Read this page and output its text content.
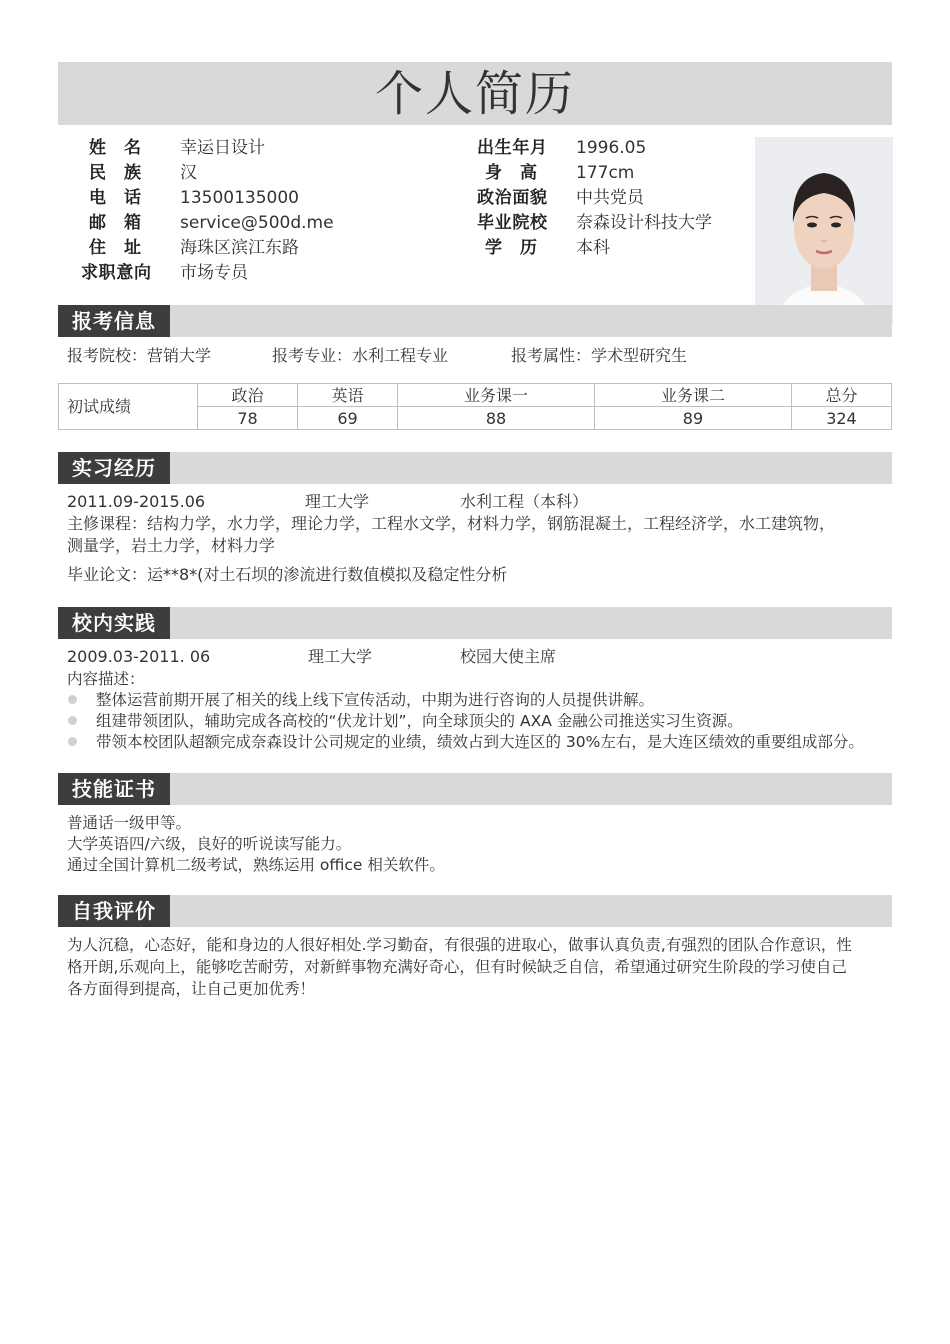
个人简历
姓名 幸运日设计
民族 汉
电话 13500135000
邮箱 service@500d.me
住址 海珠区滨江东路
求职意向 市场专员
出生年月 1996.05
身高 177cm
政治面貌 中共党员
毕业院校 奈森设计科技大学
学历 本科
报考信息
报考院校：营销大学	报考专业：水利工程专业	报考属性：学术型研究生
初试成绩	政治	英语	业务课一	业务课二	总分
	78	69	88	89	324
实习经历
2011.09-2015.06	理工大学	水利工程（本科）
主修课程：结构力学，水力学，理论力学，工程水文学，材料力学，钢筋混凝土，工程经济学，水工建筑物，
测量学，岩土力学，材料力学
毕业论文：运**8*(对土石坝的渗流进行数值模拟及稳定性分析
校内实践
2009.03-2011. 06	理工大学	校园大使主席
内容描述：
整体运营前期开展了相关的线上线下宣传活动，中期为进行咨询的人员提供讲解。
组建带领团队，辅助完成各高校的“伏龙计划”，向全球顶尖的 AXA 金融公司推送实习生资源。
带领本校团队超额完成奈森设计公司规定的业绩，绩效占到大连区的 30%左右，是大连区绩效的重要组成部分。
技能证书
普通话一级甲等。
大学英语四/六级，良好的听说读写能力。
通过全国计算机二级考试，熟练运用 office 相关软件。
自我评价
为人沉稳，心态好，能和身边的人很好相处.学习勤奋，有很强的进取心，做事认真负责,有强烈的团队合作意识，性
格开朗,乐观向上，能够吃苦耐劳，对新鲜事物充满好奇心，但有时候缺乏自信，希望通过研究生阶段的学习使自己
各方面得到提高，让自己更加优秀！
